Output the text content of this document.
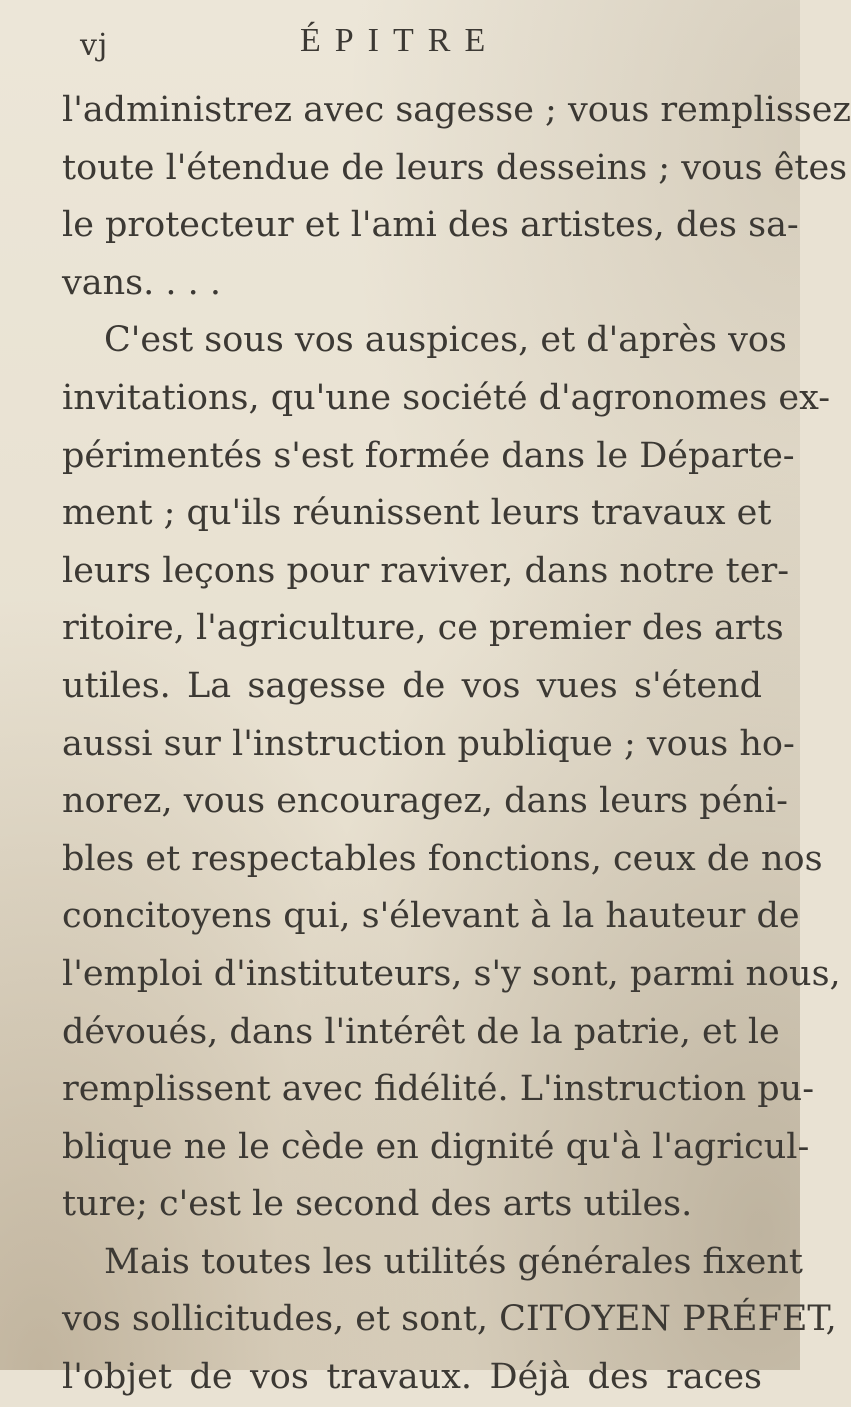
vj	ÉPITRE
l'administrez avec sagesse ; vous remplissez
toute l'étendue de leurs desseins ; vous êtes
le protecteur et l'ami des artistes, des sa-
vans. . . .
C'est sous vos auspices, et d'après vos
invitations, qu'une société d'agronomes ex-
périmentés s'est formée dans le Départe-
ment ; qu'ils réunissent leurs travaux et
leurs leçons pour raviver, dans notre ter-
ritoire, l'agriculture, ce premier des arts
utiles. La sagesse de vos vues s'étend
aussi sur l'instruction publique ; vous ho-
norez, vous encouragez, dans leurs péni-
bles et respectables fonctions, ceux de nos
concitoyens qui, s'élevant à la hauteur de
l'emploi d'instituteurs, s'y sont, parmi nous,
dévoués, dans l'intérêt de la patrie, et le
remplissent avec fidélité. L'instruction pu-
blique ne le cède en dignité qu'à l'agricul-
ture; c'est le second des arts utiles.
Mais toutes les utilités générales fixent
vos sollicitudes, et sont, CITOYEN PRÉFET,
l'objet de vos travaux. Déjà des races
